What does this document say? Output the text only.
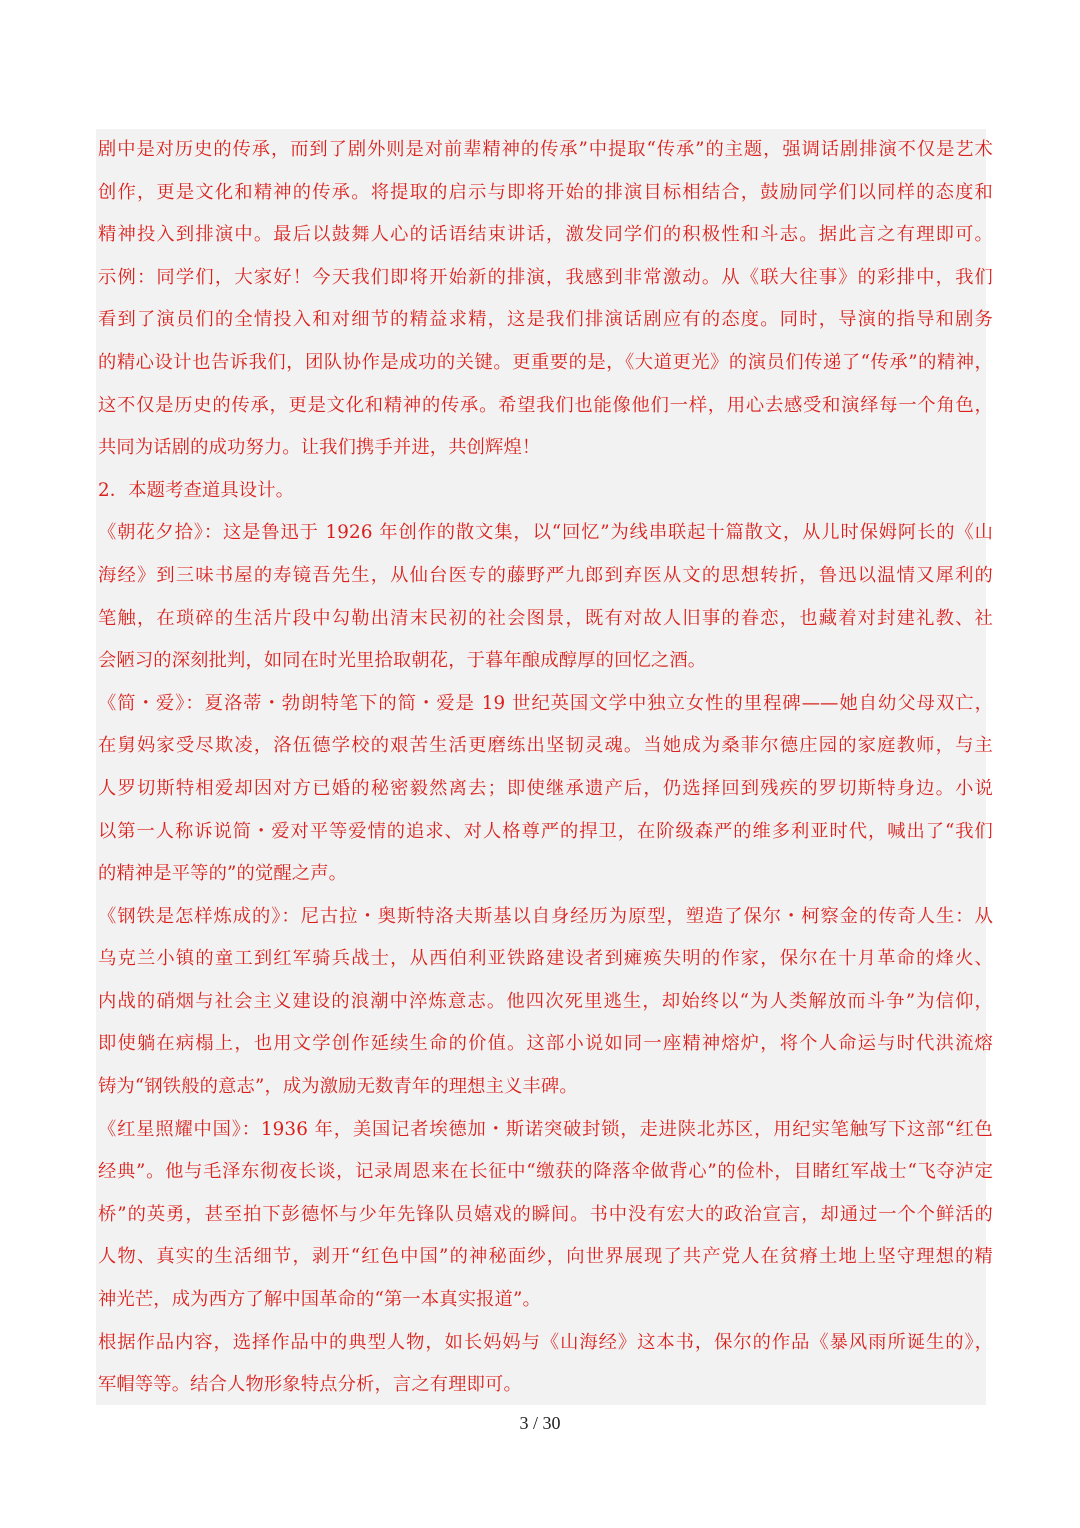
剧中是对历史的传承，而到了剧外则是对前辈精神的传承”中提取“传承”的主题，强调话剧排演不仅是艺术
创作，更是文化和精神的传承。将提取的启示与即将开始的排演目标相结合，鼓励同学们以同样的态度和
精神投入到排演中。最后以鼓舞人心的话语结束讲话，激发同学们的积极性和斗志。据此言之有理即可。
示例：同学们，大家好！今天我们即将开始新的排演，我感到非常激动。从《联大往事》的彩排中，我们
看到了演员们的全情投入和对细节的精益求精，这是我们排演话剧应有的态度。同时，导演的指导和剧务
的精心设计也告诉我们，团队协作是成功的关键。更重要的是，《大道更光》的演员们传递了“传承”的精神，
这不仅是历史的传承，更是文化和精神的传承。希望我们也能像他们一样，用心去感受和演绎每一个角色，
共同为话剧的成功努力。让我们携手并进，共创辉煌！
2．本题考查道具设计。
《朝花夕拾》：这是鲁迅于 1926 年创作的散文集，以“回忆”为线串联起十篇散文，从儿时保姆阿长的《山
海经》到三味书屋的寿镜吾先生，从仙台医专的藤野严九郎到弃医从文的思想转折，鲁迅以温情又犀利的
笔触，在琐碎的生活片段中勾勒出清末民初的社会图景，既有对故人旧事的眷恋，也藏着对封建礼教、社
会陋习的深刻批判，如同在时光里拾取朝花，于暮年酿成醇厚的回忆之酒。
《简・爱》：夏洛蒂・勃朗特笔下的简・爱是 19 世纪英国文学中独立女性的里程碑——她自幼父母双亡，
在舅妈家受尽欺凌，洛伍德学校的艰苦生活更磨练出坚韧灵魂。当她成为桑菲尔德庄园的家庭教师，与主
人罗切斯特相爱却因对方已婚的秘密毅然离去；即使继承遗产后，仍选择回到残疾的罗切斯特身边。小说
以第一人称诉说简・爱对平等爱情的追求、对人格尊严的捍卫，在阶级森严的维多利亚时代，喊出了“我们
的精神是平等的”的觉醒之声。
《钢铁是怎样炼成的》：尼古拉・奥斯特洛夫斯基以自身经历为原型，塑造了保尔・柯察金的传奇人生：从
乌克兰小镇的童工到红军骑兵战士，从西伯利亚铁路建设者到瘫痪失明的作家，保尔在十月革命的烽火、
内战的硝烟与社会主义建设的浪潮中淬炼意志。他四次死里逃生，却始终以“为人类解放而斗争”为信仰，
即使躺在病榻上，也用文学创作延续生命的价值。这部小说如同一座精神熔炉，将个人命运与时代洪流熔
铸为“钢铁般的意志”，成为激励无数青年的理想主义丰碑。
《红星照耀中国》：1936 年，美国记者埃德加・斯诺突破封锁，走进陕北苏区，用纪实笔触写下这部“红色
经典”。他与毛泽东彻夜长谈，记录周恩来在长征中“缴获的降落伞做背心”的俭朴，目睹红军战士“飞夺泸定
桥”的英勇，甚至拍下彭德怀与少年先锋队员嬉戏的瞬间。书中没有宏大的政治宣言，却通过一个个鲜活的
人物、真实的生活细节，剥开“红色中国”的神秘面纱，向世界展现了共产党人在贫瘠土地上坚守理想的精
神光芒，成为西方了解中国革命的“第一本真实报道”。
根据作品内容，选择作品中的典型人物，如长妈妈与《山海经》这本书，保尔的作品《暴风雨所诞生的》，
军帽等等。结合人物形象特点分析，言之有理即可。
3 / 30
